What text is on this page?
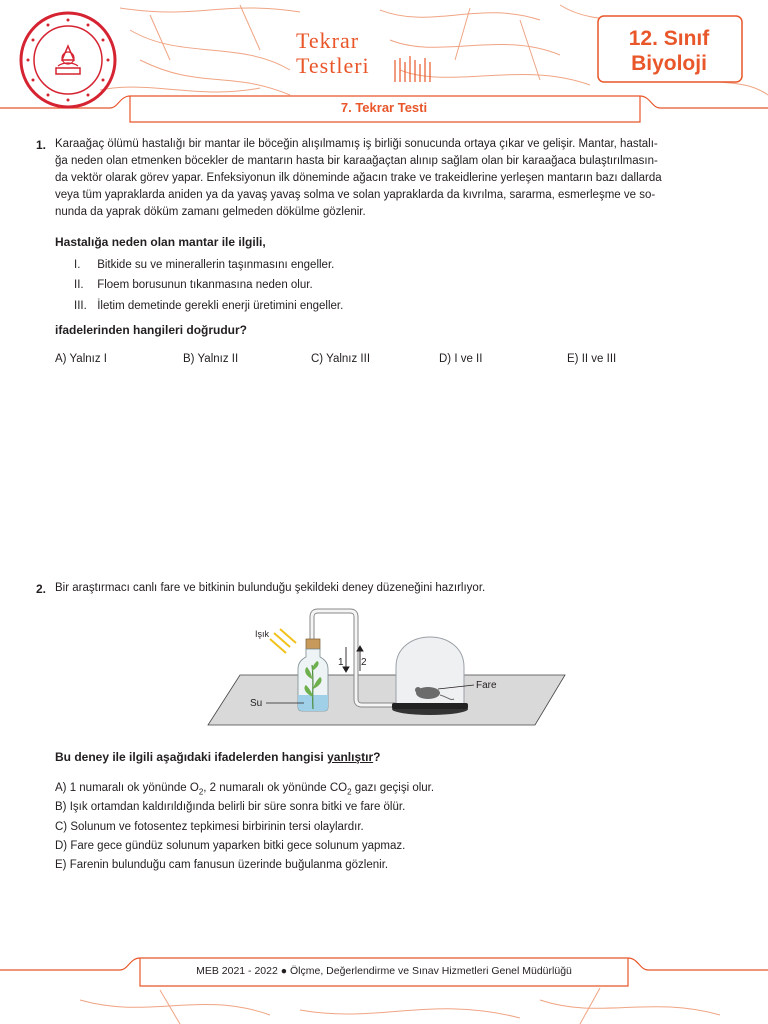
Tekrar
Testleri
12. Sınıf
Biyoloji
7. Tekrar Testi
1. Karaağaç ölümü hastalığı bir mantar ile böceğin alışılmamış iş birliği sonucunda ortaya çıkar ve gelişir. Mantar, hastalı-
ğa neden olan etmenken böcekler de mantarın hasta bir karaağaçtan alınıp sağlam olan bir karaağaca bulaştırılmasın-
da vektör olarak görev yapar. Enfeksiyonun ilk döneminde ağacın trake ve trakeidlerine yerleşen mantarın bazı dallarda
veya tüm yapraklarda aniden ya da yavaş yavaş solma ve solan yapraklarda da kıvrılma, sararma, esmerleşme ve so-
nunda da yaprak döküm zamanı gelmeden dökülme gözlenir.
Hastalığa neden olan mantar ile ilgili,
I. Bitkide su ve minerallerin taşınmasını engeller.
II. Floem borusunun tıkanmasına neden olur.
III. İletim demetinde gerekli enerji üretimini engeller.
ifadelerinden hangileri doğrudur?
A) Yalnız I	B) Yalnız II	C) Yalnız III	D) I ve II	E) II ve III
2. Bir araştırmacı canlı fare ve bitkinin bulunduğu şekildeki deney düzeneğini hazırlıyor.
Işık
1 2
Fare
Su
Bu deney ile ilgili aşağıdaki ifadelerden hangisi yanlıştır?
A) 1 numaralı ok yönünde $O_2$, 2 numaralı ok yönünde $CO_2$ gazı geçişi olur.
B) Işık ortamdan kaldırıldığında belirli bir süre sonra bitki ve fare ölür.
C) Solunum ve fotosentez tepkimesi birbirinin tersi olaylardır.
D) Fare gece gündüz solunum yaparken bitki gece solunum yapmaz.
E) Farenin bulunduğu cam fanusun üzerinde buğulanma gözlenir.
MEB 2021 - 2022 ● Ölçme, Değerlendirme ve Sınav Hizmetleri Genel Müdürlüğü
